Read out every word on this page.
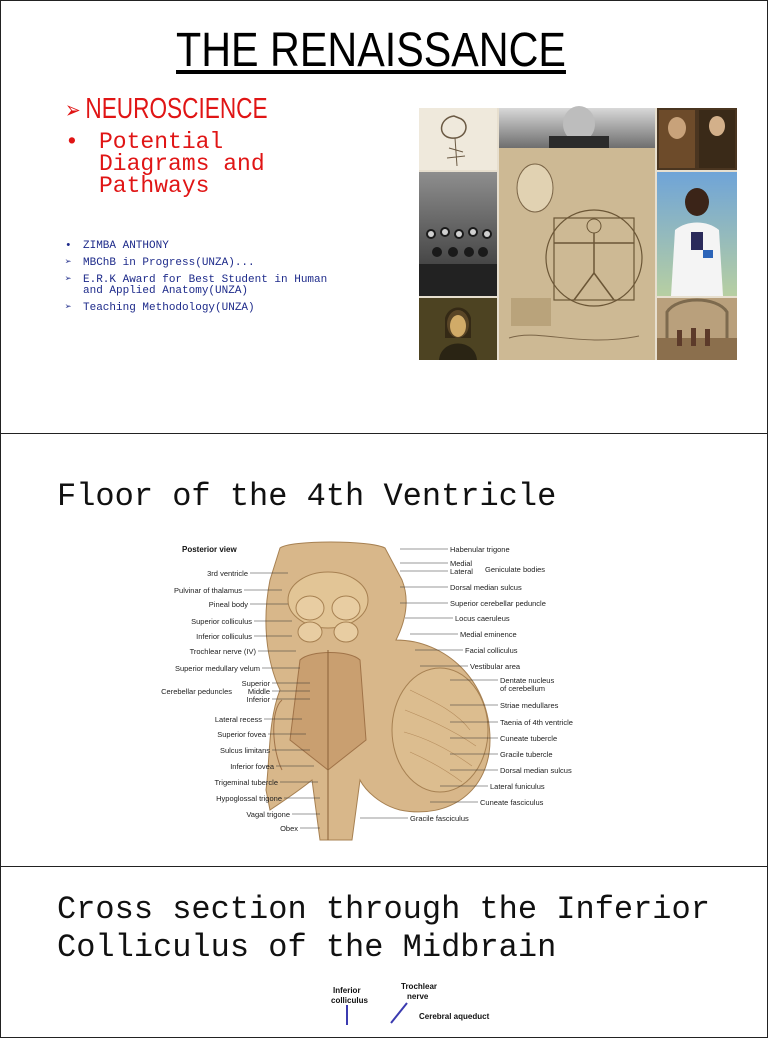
THE RENAISSANCE
➢ NEUROSCIENCE
• Potential
Diagrams and
Pathways
• ZIMBA ANTHONY
➢ MBChB in Progress(UNZA)...
➢ E.R.K Award for Best Student in Human
and Applied Anatomy(UNZA)
➢ Teaching Methodology(UNZA)
Floor of the 4th Ventricle
Posterior view
3rd ventricle
Pulvinar of thalamus
Pineal body
Superior colliculus
Inferior colliculus
Trochlear nerve (IV)
Superior medullary velum
Superior
Middle
Inferior
Cerebellar peduncles
Lateral recess
Superior fovea
Sulcus limitans
Inferior fovea
Trigeminal tubercle
Hypoglossal trigone
Vagal trigone
Obex
Habenular trigone
Medial
Lateral Geniculate bodies
Dorsal median sulcus
Superior cerebellar peduncle
Locus caeruleus
Medial eminence
Facial colliculus
Vestibular area
Dentate nucleus
of cerebellum
Striae medullares
Taenia of 4th ventricle
Cuneate tubercle
Gracile tubercle
Dorsal median sulcus
Lateral funiculus
Cuneate fasciculus
Gracile fasciculus
Cross section through the Inferior
Colliculus of the Midbrain
Inferior
colliculus
Trochlear
nerve
Cerebral aqueduct
